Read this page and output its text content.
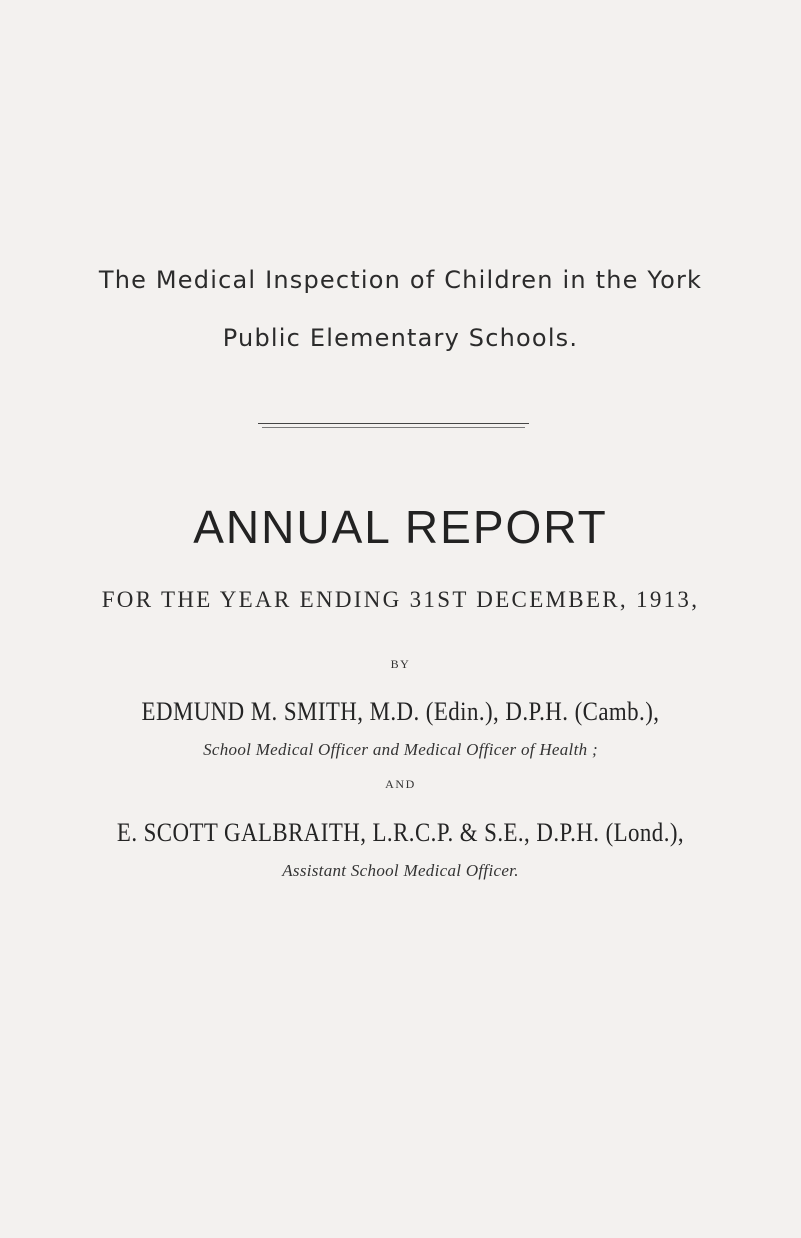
The Medical Inspection of Children in the York
Public Elementary Schools.
ANNUAL REPORT
FOR THE YEAR ENDING 31ST DECEMBER, 1913,
BY
EDMUND M. SMITH, M.D. (Edin.), D.P.H. (Camb.),
School Medical Officer and Medical Officer of Health ;
AND
E. SCOTT GALBRAITH, L.R.C.P. & S.E., D.P.H. (Lond.),
Assistant School Medical Officer.
